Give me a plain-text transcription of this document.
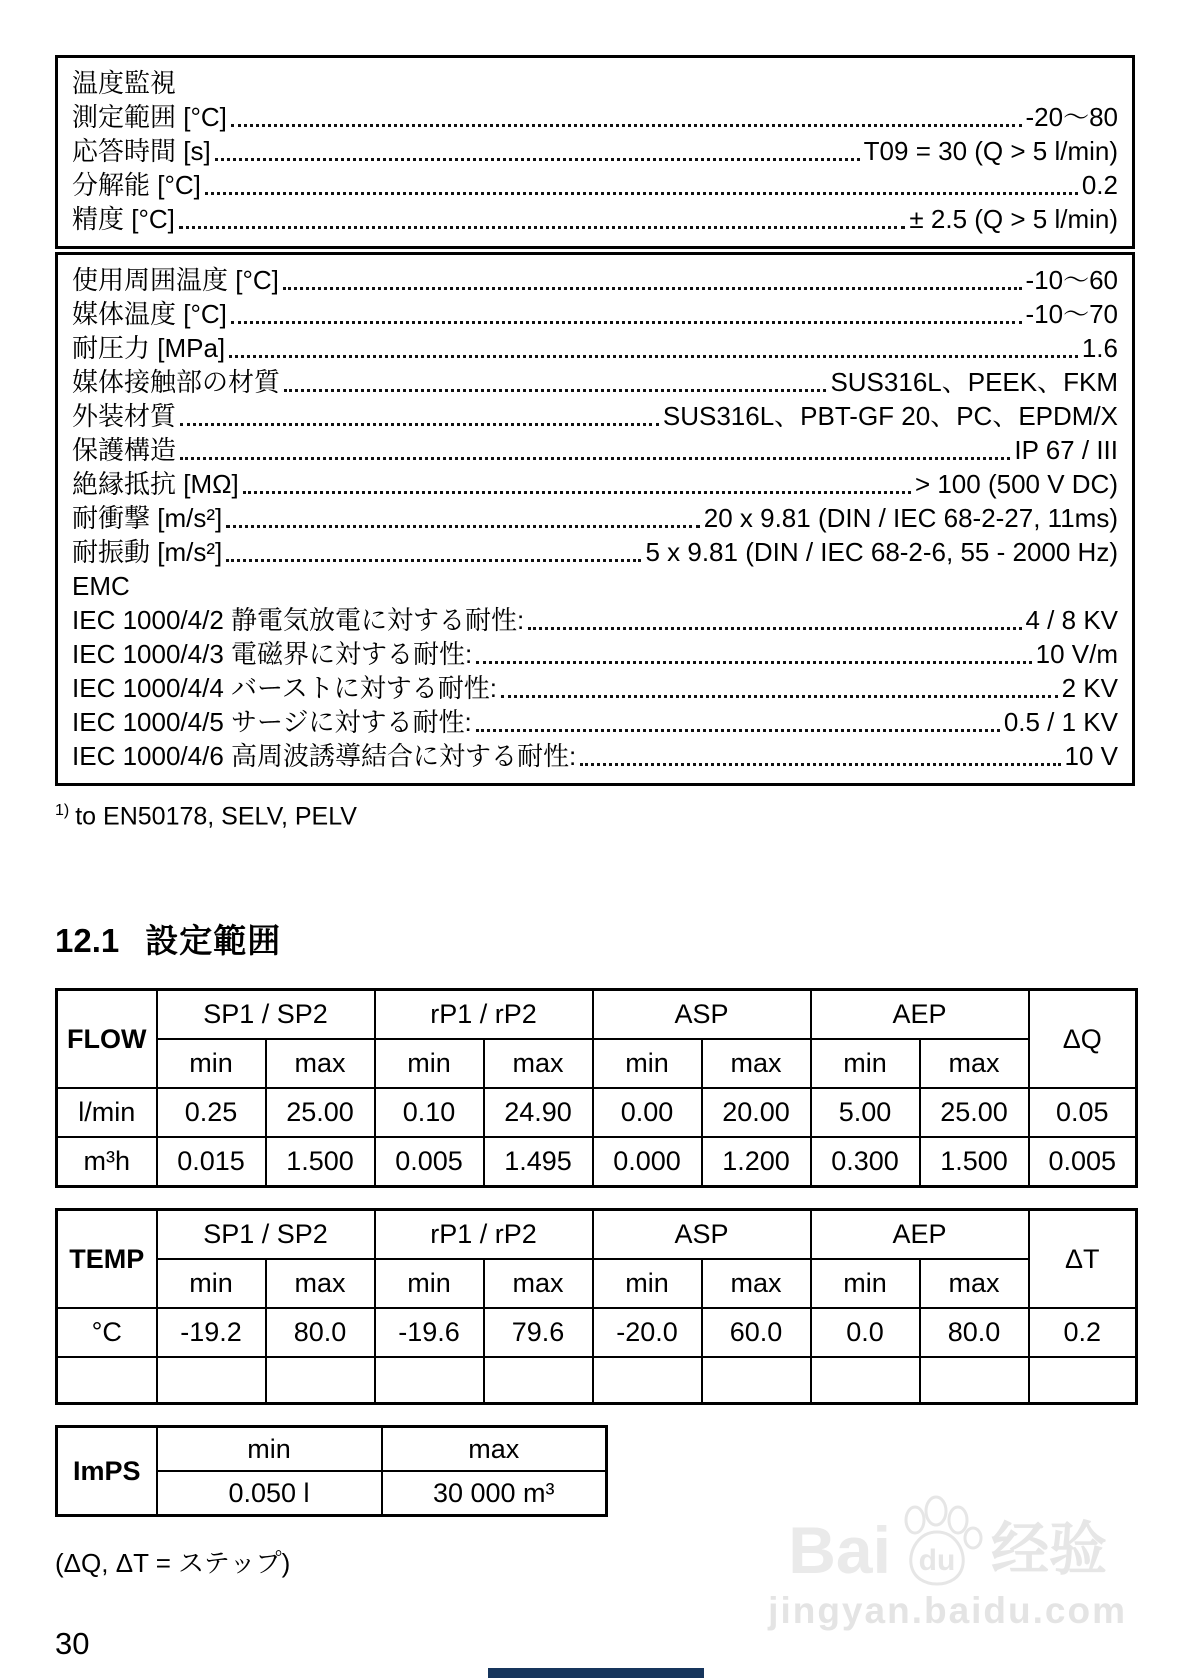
温度監視
測定範囲 [°C]	-20〜80
応答時間 [s]	T09 = 30 (Q > 5 l/min)
分解能 [°C]	0.2
精度 [°C]	± 2.5 (Q > 5 l/min)
使用周囲温度 [°C]	-10〜60
媒体温度 [°C]	-10〜70
耐圧力 [MPa]	1.6
媒体接触部の材質	SUS316L、PEEK、FKM
外装材質	SUS316L、PBT-GF 20、PC、EPDM/X
保護構造	IP 67 / III
絶縁抵抗 [MΩ]	> 100 (500 V DC)
耐衝撃 [m/s²]	20 x 9.81 (DIN / IEC 68-2-27, 11ms)
耐振動 [m/s²]	5 x 9.81 (DIN / IEC 68-2-6, 55 - 2000 Hz)
EMC
IEC 1000/4/2 静電気放電に対する耐性:	4 / 8 KV
IEC 1000/4/3 電磁界に対する耐性:	10 V/m
IEC 1000/4/4 バーストに対する耐性:	2 KV
IEC 1000/4/5 サージに対する耐性:	0.5 / 1 KV
IEC 1000/4/6 高周波誘導結合に対する耐性:	10 V
$^{1)}$ to EN50178, SELV, PELV
12.1 設定範囲
FLOW	SP1 / SP2		rP1 / rP2		ASP		AEP		ΔQ
	min	max	min	max	min	max	min	max	
l/min	0.25	25.00	0.10	24.90	0.00	20.00	5.00	25.00	0.05
m³h	0.015	1.500	0.005	1.495	0.000	1.200	0.300	1.500	0.005
TEMP	SP1 / SP2		rP1 / rP2		ASP		AEP		ΔT
	min	max	min	max	min	max	min	max	
°C	-19.2	80.0	-19.6	79.6	-20.0	60.0	0.0	80.0	0.2

ImPS	min	max
	0.050 l	30 000 m³
(ΔQ, ΔT = ステップ)	Bai du 经验
jingyan.baidu.com
30
